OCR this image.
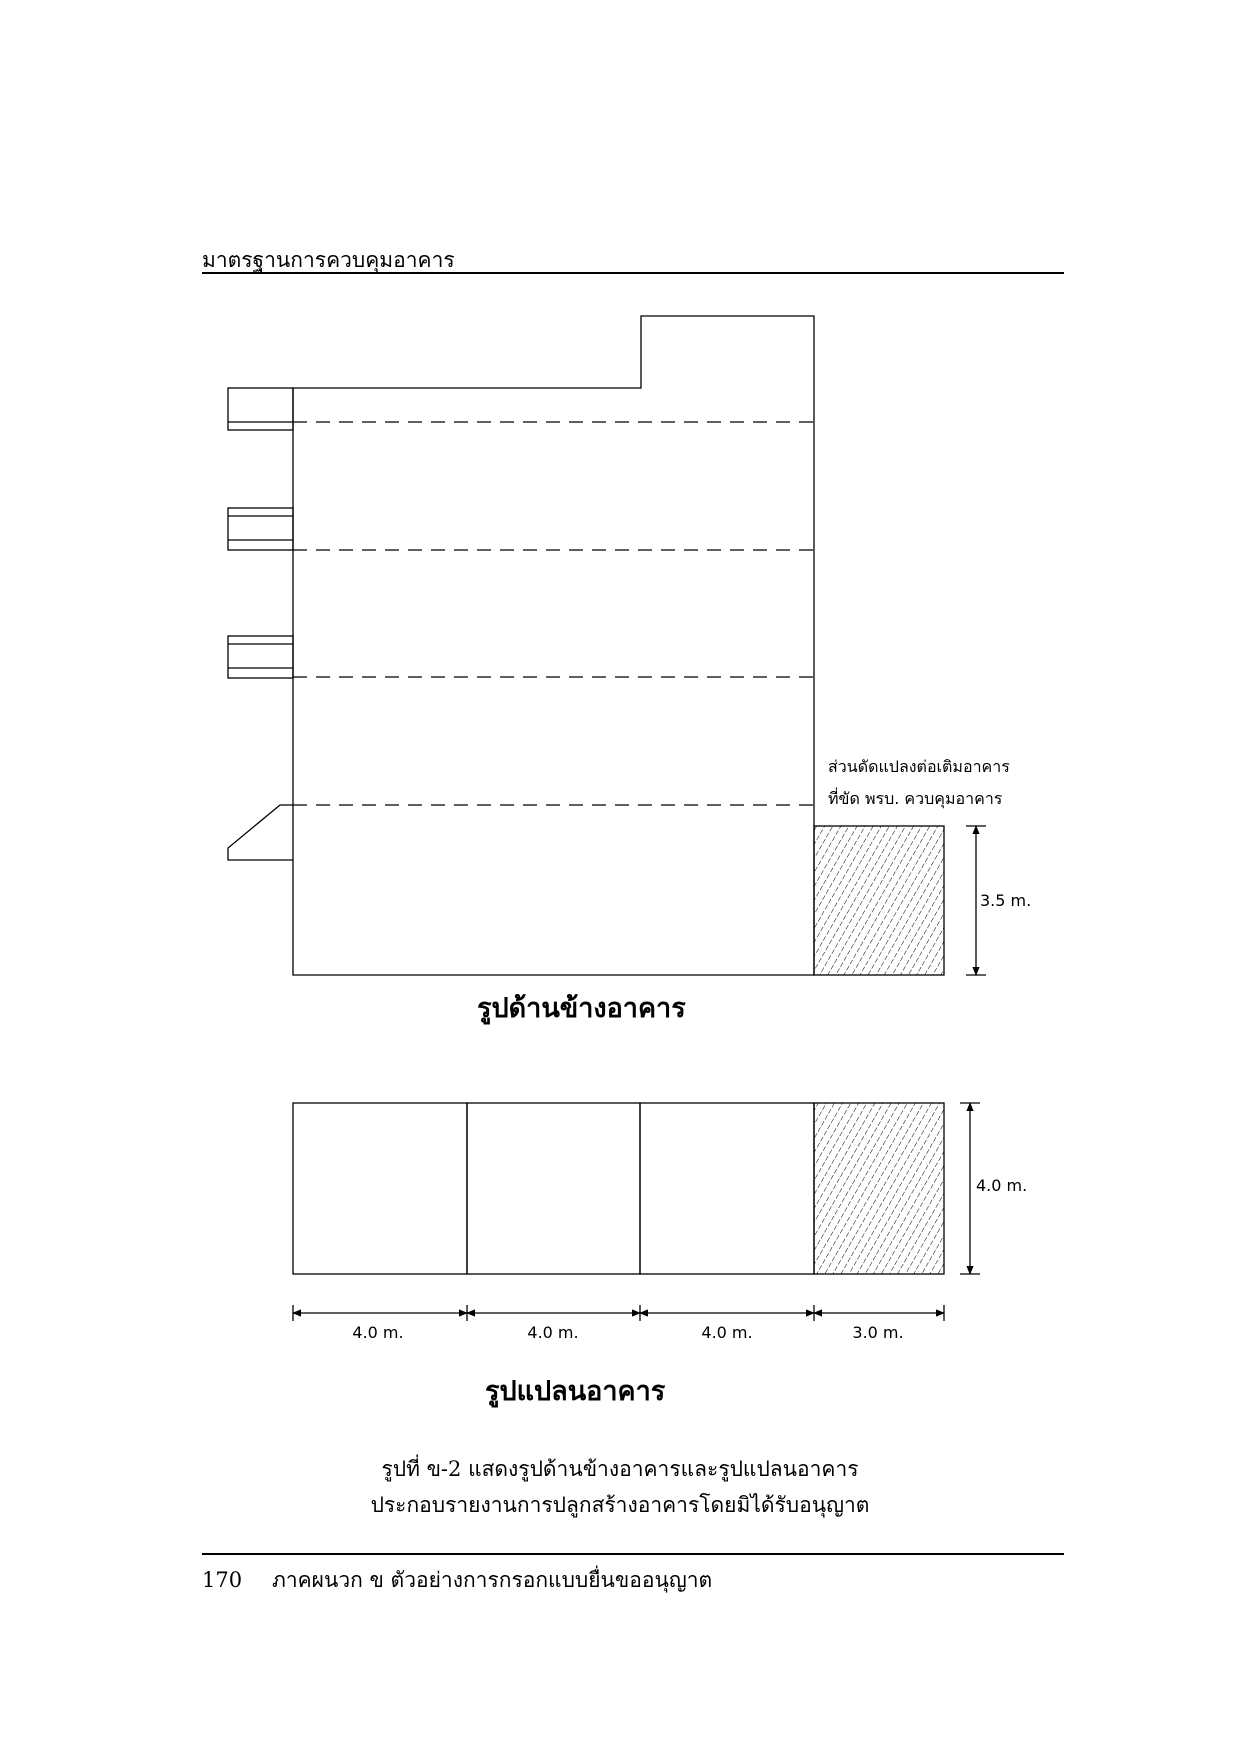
มาตรฐานการควบคุมอาคาร
ส่วนดัดแปลงต่อเติมอาคาร
ที่ขัด พรบ. ควบคุมอาคาร
3.5 m.
รูปด้านข้างอาคาร
4.0 m.
4.0 m.	4.0 m.	4.0 m.	3.0 m.
รูปแปลนอาคาร
รูปที่ ข-2 แสดงรูปด้านข้างอาคารและรูปแปลนอาคาร
ประกอบรายงานการปลูกสร้างอาคารโดยมิได้รับอนุญาต
170 ภาคผนวก ข ตัวอย่างการกรอกแบบยื่นขออนุญาต
